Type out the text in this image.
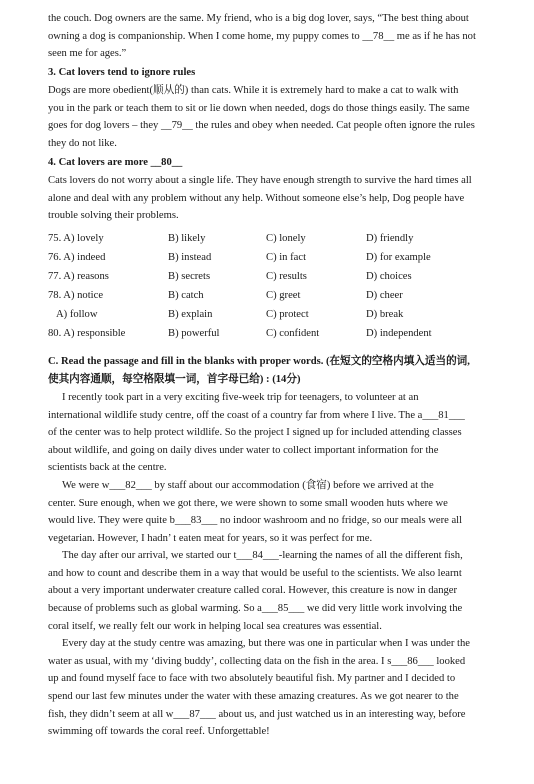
the couch. Dog owners are the same. My friend, who is a big dog lover, says, “The best thing about

owning a dog is companionship. When I come home, my puppy comes to __78__ me as if he has not

seen me for ages.”

3. Cat lovers tend to ignore rules

Dogs are more obedient(顺从的) than cats. While it is extremely hard to make a cat to walk with

you in the park or teach them to sit or lie down when needed, dogs do those things easily. The same

goes for dog lovers – they __79__ the rules and obey when needed. Cat people often ignore the rules

they do not like.

4. Cat lovers are more __80__

Cats lovers do not worry about a single life. They have enough strength to survive the hard times all

alone and deal with any problem without any help. Without someone else’s help, Dog people have

trouble solving their problems.

75. A) lovely	B) likely	C) lonely	D) friendly
76. A) indeed	B) instead	C) in fact	D) for example
77. A) reasons	B) secrets	C) results	D) choices
78. A) notice	B) catch	C) greet	D) cheer
A) follow	B) explain	C) protect	D) break
80. A) responsible	B) powerful	C) confident	D) independent

C. Read the passage and fill in the blanks with proper words. (在短文的空格内填入适当的词,

使其内容通顺，每空格限填一词，首字母已给) : (14分)

I recently took part in a very exciting five-week trip for teenagers, to volunteer at an

international wildlife study centre, off the coast of a country far from where I live. The a___81___

of the center was to help protect wildlife. So the project I signed up for included attending classes

about wildlife, and going on daily dives under water to collect important information for the

scientists back at the centre.

We were w___82___ by staff about our accommodation (食宿) before we arrived at the

center. Sure enough, when we got there, we were shown to some small wooden huts where we

would live. They were quite b___83___ no indoor washroom and no fridge, so our meals were all

vegetarian. However, I hadn’ t eaten meat for years, so it was perfect for me.

The day after our arrival, we started our t___84___-learning the names of all the different fish,

and how to count and describe them in a way that would be useful to the scientists. We also learnt

about a very important underwater creature called coral. However, this creature is now in danger

because of problems such as global warming. So a___85___ we did very little work involving the

coral itself, we really felt our work in helping local sea creatures was essential.

Every day at the study centre was amazing, but there was one in particular when I was under the

water as usual, with my ‘diving buddy’, collecting data on the fish in the area. I s___86___ looked

up and found myself face to face with two absolutely beautiful fish. My partner and I decided to

spend our last few minutes under the water with these amazing creatures. As we got nearer to the

fish, they didn’t seem at all w___87___ about us, and just watched us in an interesting way, before

swimming off towards the coral reef. Unforgettable!
